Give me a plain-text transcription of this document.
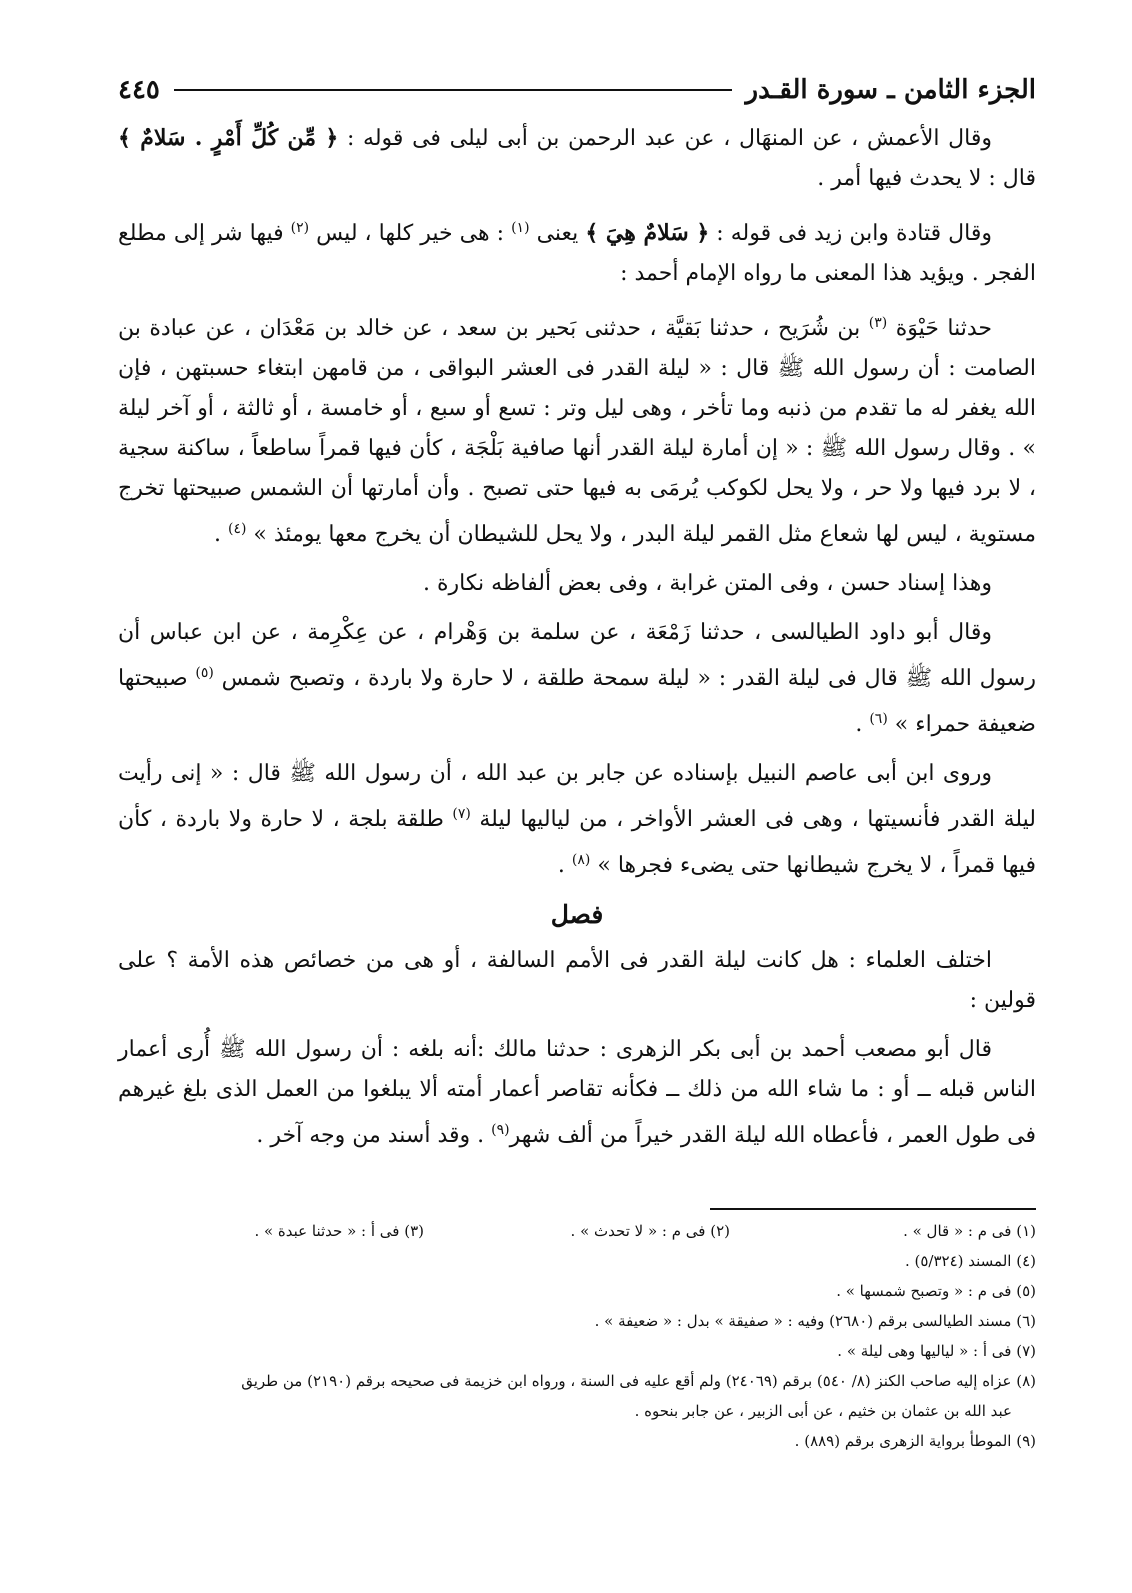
الجزء الثامن ـ سورة القـدر
٤٤٥

وقال الأعمش ، عن المنهَال ، عن عبد الرحمن بن أبى ليلى فى قوله : ﴿ مِّن كُلِّ أَمْرٍ . سَلامٌ ﴾ قال : لا يحدث فيها أمر .

وقال قتادة وابن زيد فى قوله : ﴿ سَلامٌ هِيَ ﴾ يعنى $^{(١)}$ : هى خير كلها ، ليس $^{(٢)}$ فيها شر إلى مطلع الفجر . ويؤيد هذا المعنى ما رواه الإمام أحمد :

حدثنا حَيْوَة $^{(٣)}$ بن شُرَيح ، حدثنا بَقيَّة ، حدثنى بَحير بن سعد ، عن خالد بن مَعْدَان ، عن عبادة بن الصامت : أن رسول الله ﷺ قال : « ليلة القدر فى العشر البواقى ، من قامهن ابتغاء حسبتهن ، فإن الله يغفر له ما تقدم من ذنبه وما تأخر ، وهى ليل وتر : تسع أو سبع ، أو خامسة ، أو ثالثة ، أو آخر ليلة » . وقال رسول الله ﷺ : « إن أمارة ليلة القدر أنها صافية بَلْجَة ، كأن فيها قمراً ساطعاً ، ساكنة سجية ، لا برد فيها ولا حر ، ولا يحل لكوكب يُرمَى به فيها حتى تصبح . وأن أمارتها أن الشمس صبيحتها تخرج مستوية ، ليس لها شعاع مثل القمر ليلة البدر ، ولا يحل للشيطان أن يخرج معها يومئذ » $^{(٤)}$ .

وهذا إسناد حسن ، وفى المتن غرابة ، وفى بعض ألفاظه نكارة .

وقال أبو داود الطيالسى ، حدثنا زَمْعَة ، عن سلمة بن وَهْرام ، عن عِكْرِمة ، عن ابن عباس أن رسول الله ﷺ قال فى ليلة القدر : « ليلة سمحة طلقة ، لا حارة ولا باردة ، وتصبح شمس $^{(٥)}$ صبيحتها ضعيفة حمراء » $^{(٦)}$ .

وروى ابن أبى عاصم النبيل بإسناده عن جابر بن عبد الله ، أن رسول الله ﷺ قال : « إنى رأيت ليلة القدر فأنسيتها ، وهى فى العشر الأواخر ، من لياليها ليلة $^{(٧)}$ طلقة بلجة ، لا حارة ولا باردة ، كأن فيها قمراً ، لا يخرج شيطانها حتى يضىء فجرها » $^{(٨)}$ .

فصل

اختلف العلماء : هل كانت ليلة القدر فى الأمم السالفة ، أو هى من خصائص هذه الأمة ؟ على قولين :

قال أبو مصعب أحمد بن أبى بكر الزهرى : حدثنا مالك :أنه بلغه : أن رسول الله ﷺ أُرى أعمار الناس قبله ــ أو : ما شاء الله من ذلك ــ فكأنه تقاصر أعمار أمته ألا يبلغوا من العمل الذى بلغ غيرهم فى طول العمر ، فأعطاه الله ليلة القدر خيراً من ألف شهر$^{(٩)}$ . وقد أسند من وجه آخر .

(١) فى م : « قال » .

(٢) فى م : « لا تحدث » .

(٣) فى أ : « حدثنا عبدة » .

(٤) المسند (٥/٣٢٤) .

(٥) فى م : « وتصبح شمسها » .

(٦) مسند الطيالسى برقم (٢٦٨٠) وفيه : « صفيقة » بدل : « ضعيفة » .

(٧) فى أ : « لياليها وهى ليلة » .

(٨) عزاه إليه صاحب الكنز (٨/ ٥٤٠) برقم (٢٤٠٦٩) ولم أقع عليه فى السنة ، ورواه ابن خزيمة فى صحيحه برقم (٢١٩٠) من طريق

عبد الله بن عثمان بن خثيم ، عن أبى الزبير ، عن جابر بنحوه .

(٩) الموطأ برواية الزهرى برقم (٨٨٩) .
